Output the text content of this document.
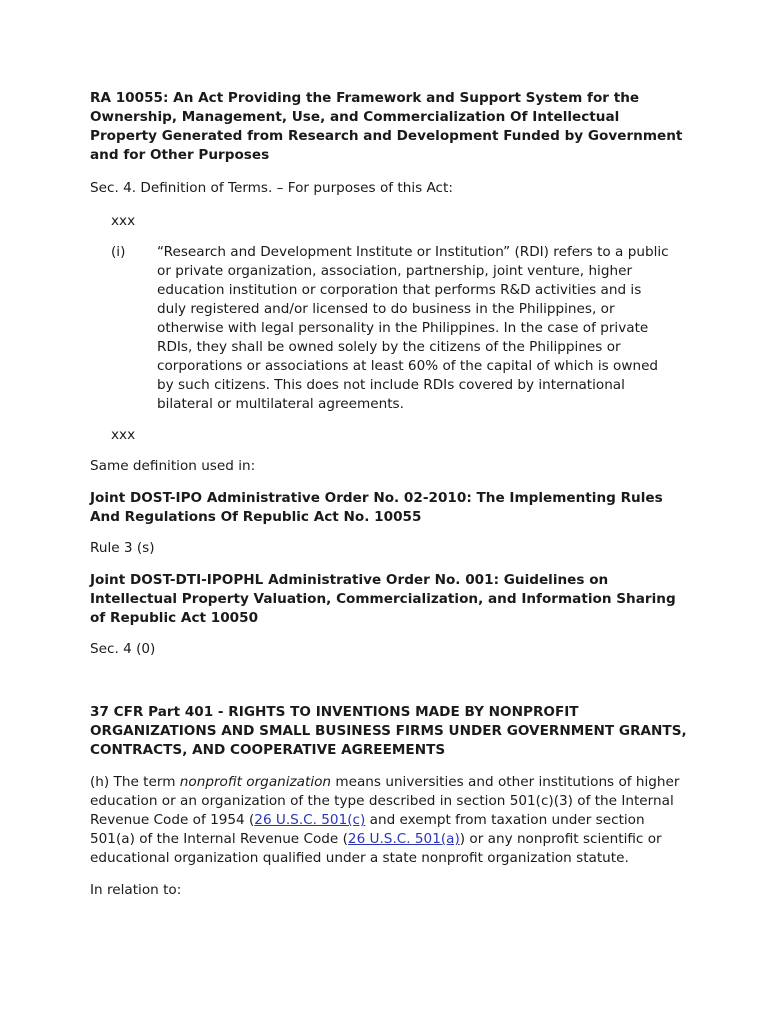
RA 10055: An Act Providing the Framework and Support System for the Ownership, Management, Use, and Commercialization Of Intellectual Property Generated from Research and Development Funded by Government and for Other Purposes

Sec. 4. Definition of Terms. – For purposes of this Act:

xxx

(i)	“Research and Development Institute or Institution” (RDI) refers to a public or private organization, association, partnership, joint venture, higher education institution or corporation that performs R&D activities and is duly registered and/or licensed to do business in the Philippines, or otherwise with legal personality in the Philippines. In the case of private RDIs, they shall be owned solely by the citizens of the Philippines or corporations or associations at least 60% of the capital of which is owned by such citizens. This does not include RDIs covered by international bilateral or multilateral agreements.

xxx

Same definition used in:

Joint DOST-IPO Administrative Order No. 02-2010: The Implementing Rules And Regulations Of Republic Act No. 10055

Rule 3 (s)

Joint DOST-DTI-IPOPHL Administrative Order No. 001: Guidelines on Intellectual Property Valuation, Commercialization, and Information Sharing of Republic Act 10050

Sec. 4 (0)

37 CFR Part 401 - RIGHTS TO INVENTIONS MADE BY NONPROFIT ORGANIZATIONS AND SMALL BUSINESS FIRMS UNDER GOVERNMENT GRANTS, CONTRACTS, AND COOPERATIVE AGREEMENTS

(h) The term nonprofit organization means universities and other institutions of higher education or an organization of the type described in section 501(c)(3) of the Internal Revenue Code of 1954 (26 U.S.C. 501(c) and exempt from taxation under section 501(a) of the Internal Revenue Code (26 U.S.C. 501(a)) or any nonprofit scientific or educational organization qualified under a state nonprofit organization statute.

In relation to:
